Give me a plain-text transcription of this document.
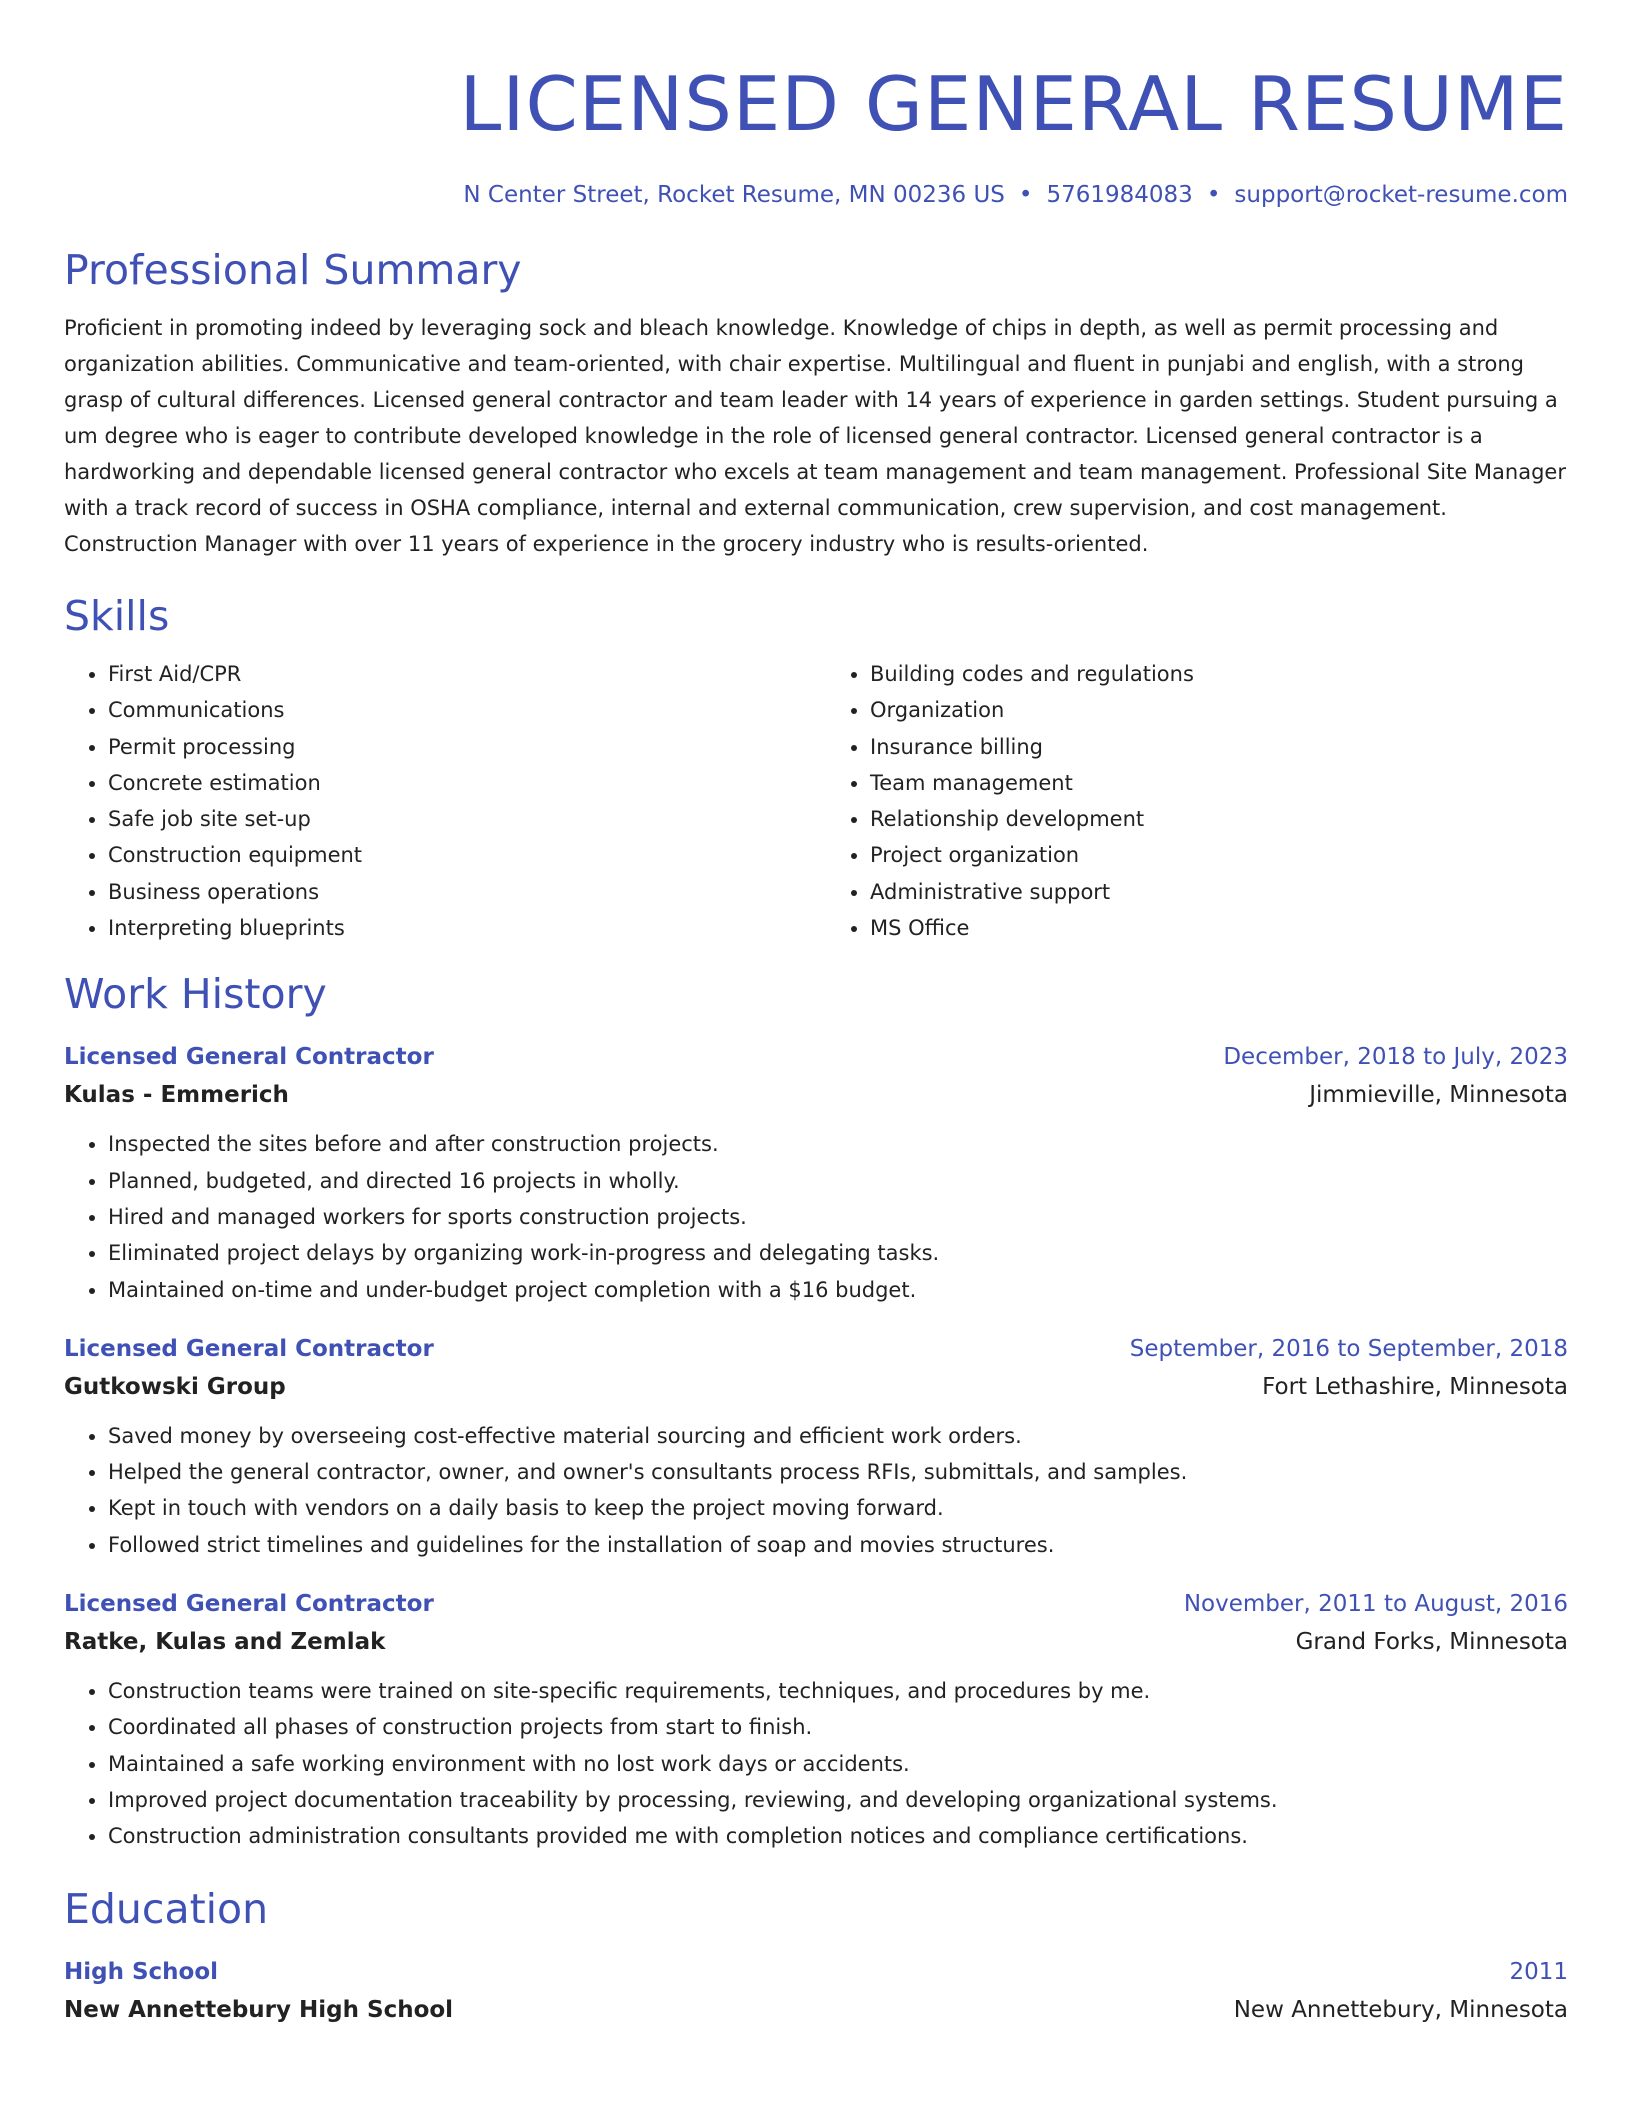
LICENSED GENERAL RESUME
N Center Street, Rocket Resume, MN 00236 US • 5761984083 • support@rocket-resume.com
Professional Summary

Proficient in promoting indeed by leveraging sock and bleach knowledge. Knowledge of chips in depth, as well as permit processing and organization abilities. Communicative and team-oriented, with chair expertise. Multilingual and fluent in punjabi and english, with a strong grasp of cultural differences. Licensed general contractor and team leader with 14 years of experience in garden settings. Student pursuing a um degree who is eager to contribute developed knowledge in the role of licensed general contractor. Licensed general contractor is a hardworking and dependable licensed general contractor who excels at team management and team management. Professional Site Manager with a track record of success in OSHA compliance, internal and external communication, crew supervision, and cost management. Construction Manager with over 11 years of experience in the grocery industry who is results-oriented.

Skills
• First Aid/CPR
• Communications
• Permit processing
• Concrete estimation
• Safe job site set-up
• Construction equipment
• Business operations
• Interpreting blueprints
• Building codes and regulations
• Organization
• Insurance billing
• Team management
• Relationship development
• Project organization
• Administrative support
• MS Office
Work History
Licensed General Contractor	December, 2018 to July, 2023
Kulas - Emmerich	Jimmieville, Minnesota
• Inspected the sites before and after construction projects.
• Planned, budgeted, and directed 16 projects in wholly.
• Hired and managed workers for sports construction projects.
• Eliminated project delays by organizing work-in-progress and delegating tasks.
• Maintained on-time and under-budget project completion with a $16 budget.
Licensed General Contractor	September, 2016 to September, 2018
Gutkowski Group	Fort Lethashire, Minnesota
• Saved money by overseeing cost-effective material sourcing and efficient work orders.
• Helped the general contractor, owner, and owner's consultants process RFIs, submittals, and samples.
• Kept in touch with vendors on a daily basis to keep the project moving forward.
• Followed strict timelines and guidelines for the installation of soap and movies structures.
Licensed General Contractor	November, 2011 to August, 2016
Ratke, Kulas and Zemlak	Grand Forks, Minnesota
• Construction teams were trained on site-specific requirements, techniques, and procedures by me.
• Coordinated all phases of construction projects from start to finish.
• Maintained a safe working environment with no lost work days or accidents.
• Improved project documentation traceability by processing, reviewing, and developing organizational systems.
• Construction administration consultants provided me with completion notices and compliance certifications.
Education
High School	2011
New Annettebury High School	New Annettebury, Minnesota
